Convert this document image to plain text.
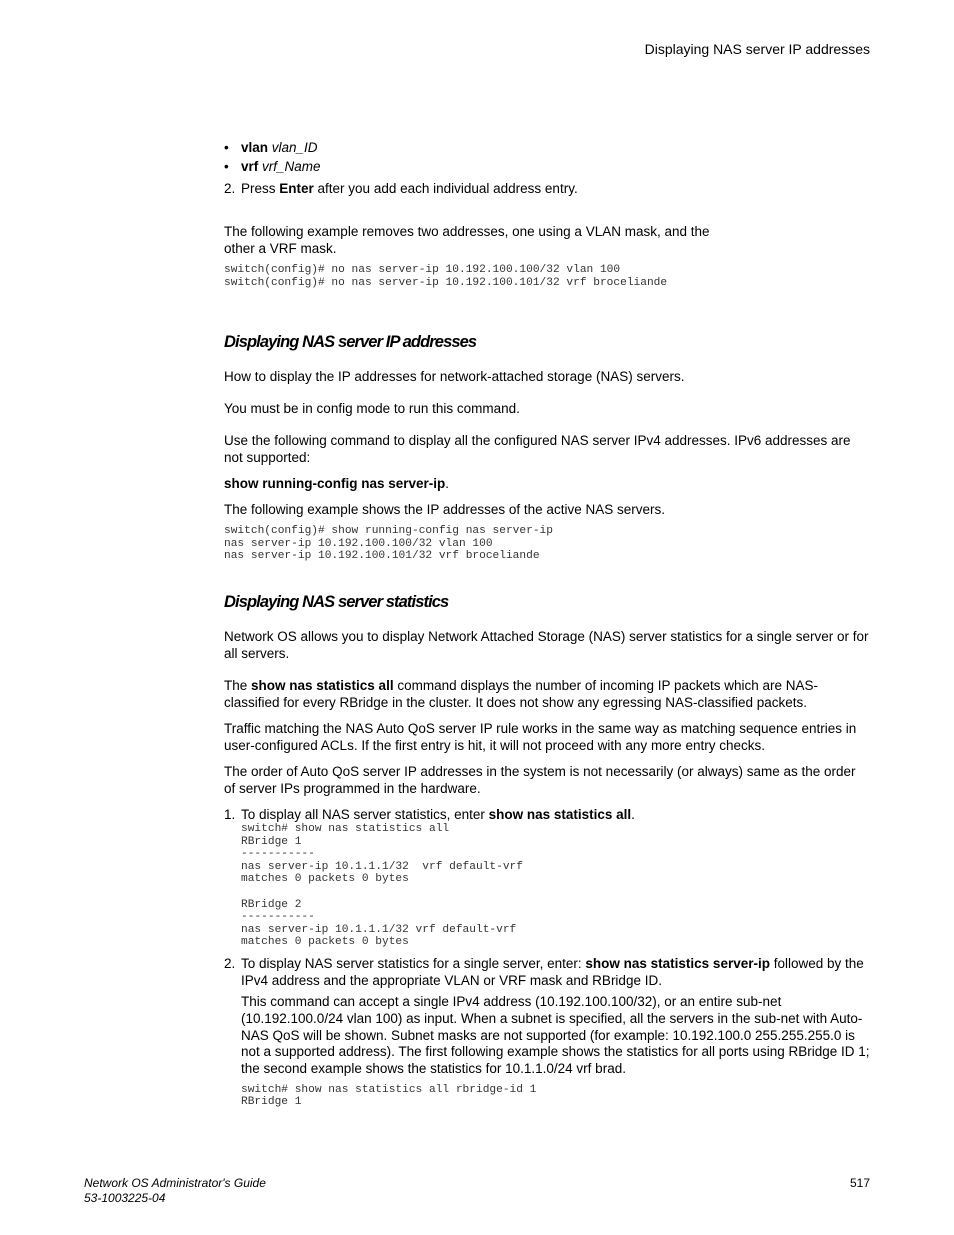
Displaying NAS server IP addresses
• vlan vlan_ID
• vrf vrf_Name
2. Press Enter after you add each individual address entry.

The following example removes two addresses, one using a VLAN mask, and the other a VRF mask.

switch(config)# no nas server-ip 10.192.100.100/32 vlan 100
switch(config)# no nas server-ip 10.192.100.101/32 vrf broceliande
Displaying NAS server IP addresses

How to display the IP addresses for network-attached storage (NAS) servers.

You must be in config mode to run this command.

Use the following command to display all the configured NAS server IPv4 addresses. IPv6 addresses are not supported:

show running-config nas server-ip.

The following example shows the IP addresses of the active NAS servers.

switch(config)# show running-config nas server-ip
nas server-ip 10.192.100.100/32 vlan 100
nas server-ip 10.192.100.101/32 vrf broceliande
Displaying NAS server statistics

Network OS allows you to display Network Attached Storage (NAS) server statistics for a single server or for all servers.

The show nas statistics all command displays the number of incoming IP packets which are NAS-classified for every RBridge in the cluster. It does not show any egressing NAS-classified packets.

Traffic matching the NAS Auto QoS server IP rule works in the same way as matching sequence entries in user-configured ACLs. If the first entry is hit, it will not proceed with any more entry checks.

The order of Auto QoS server IP addresses in the system is not necessarily (or always) same as the order of server IPs programmed in the hardware.

1. To display all NAS server statistics, enter show nas statistics all.
switch# show nas statistics all
RBridge 1
-----------
nas server-ip 10.1.1.1/32  vrf default-vrf
matches 0 packets 0 bytes

RBridge 2
-----------
nas server-ip 10.1.1.1/32 vrf default-vrf
matches 0 packets 0 bytes
2. To display NAS server statistics for a single server, enter: show nas statistics server-ip followed by the IPv4 address and the appropriate VLAN or VRF mask and RBridge ID.

This command can accept a single IPv4 address (10.192.100.100/32), or an entire sub-net (10.192.100.0/24 vlan 100) as input. When a subnet is specified, all the servers in the sub-net with Auto-NAS QoS will be shown. Subnet masks are not supported (for example: 10.192.100.0 255.255.255.0 is not a supported address). The first following example shows the statistics for all ports using RBridge ID 1; the second example shows the statistics for 10.1.1.0/24 vrf brad.

switch# show nas statistics all rbridge-id 1
RBridge 1
Network OS Administrator's Guide
53-1003225-04
517
